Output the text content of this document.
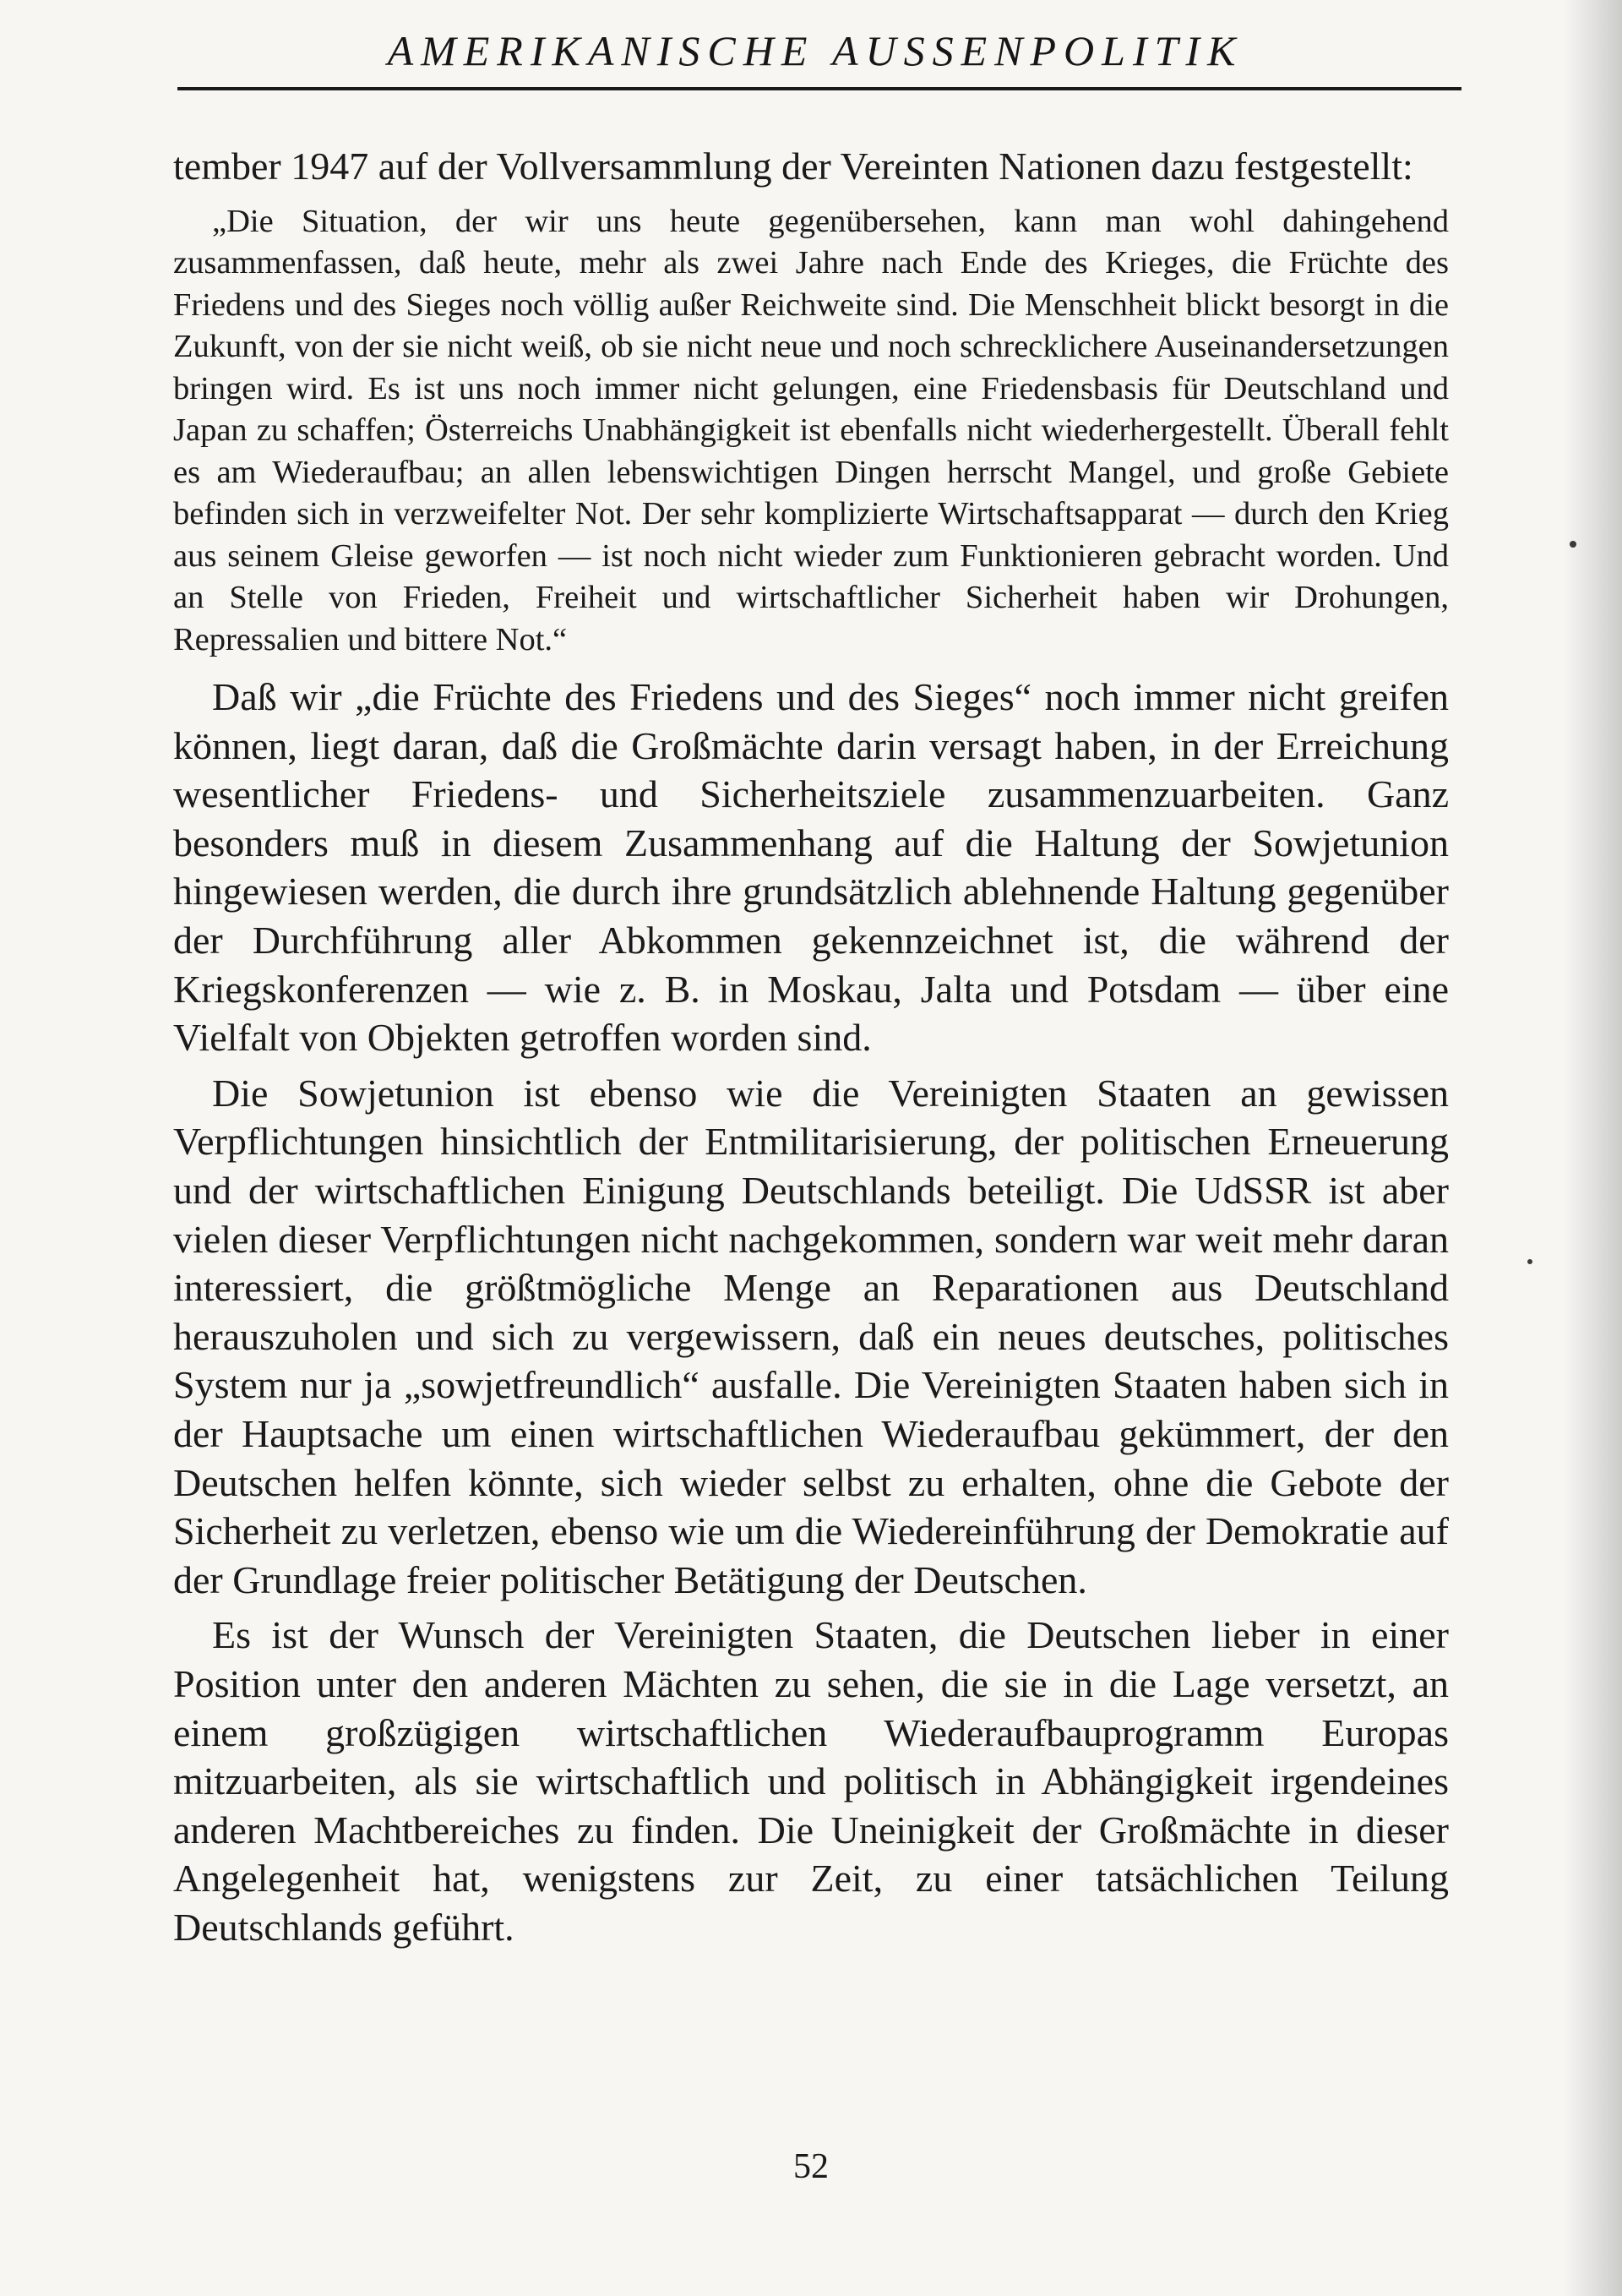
AMERIKANISCHE AUSSENPOLITIK

tember 1947 auf der Vollversammlung der Vereinten Nationen dazu festgestellt:

„Die Situation, der wir uns heute gegenübersehen, kann man wohl dahingehend zusammenfassen, daß heute, mehr als zwei Jahre nach Ende des Krieges, die Früchte des Friedens und des Sieges noch völlig außer Reichweite sind. Die Menschheit blickt besorgt in die Zukunft, von der sie nicht weiß, ob sie nicht neue und noch schrecklichere Auseinandersetzungen bringen wird. Es ist uns noch immer nicht gelungen, eine Friedensbasis für Deutschland und Japan zu schaffen; Österreichs Unabhängigkeit ist ebenfalls nicht wiederhergestellt. Überall fehlt es am Wiederaufbau; an allen lebenswichtigen Dingen herrscht Mangel, und große Gebiete befinden sich in verzweifelter Not. Der sehr komplizierte Wirtschaftsapparat — durch den Krieg aus seinem Gleise geworfen — ist noch nicht wieder zum Funktionieren gebracht worden. Und an Stelle von Frieden, Freiheit und wirtschaftlicher Sicherheit haben wir Drohungen, Repressalien und bittere Not.“

Daß wir „die Früchte des Friedens und des Sieges“ noch immer nicht greifen können, liegt daran, daß die Großmächte darin versagt haben, in der Erreichung wesentlicher Friedens- und Sicherheitsziele zusammenzuarbeiten. Ganz besonders muß in diesem Zusammenhang auf die Haltung der Sowjetunion hingewiesen werden, die durch ihre grundsätzlich ablehnende Haltung gegenüber der Durchführung aller Abkommen gekennzeichnet ist, die während der Kriegskonferenzen — wie z. B. in Moskau, Jalta und Potsdam — über eine Vielfalt von Objekten getroffen worden sind.

Die Sowjetunion ist ebenso wie die Vereinigten Staaten an gewissen Verpflichtungen hinsichtlich der Entmilitarisierung, der politischen Erneuerung und der wirtschaftlichen Einigung Deutschlands beteiligt. Die UdSSR ist aber vielen dieser Verpflichtungen nicht nachgekommen, sondern war weit mehr daran interessiert, die größtmögliche Menge an Reparationen aus Deutschland herauszuholen und sich zu vergewissern, daß ein neues deutsches, politisches System nur ja „sowjetfreundlich“ ausfalle. Die Vereinigten Staaten haben sich in der Hauptsache um einen wirtschaftlichen Wiederaufbau gekümmert, der den Deutschen helfen könnte, sich wieder selbst zu erhalten, ohne die Gebote der Sicherheit zu verletzen, ebenso wie um die Wiedereinführung der Demokratie auf der Grundlage freier politischer Betätigung der Deutschen.

Es ist der Wunsch der Vereinigten Staaten, die Deutschen lieber in einer Position unter den anderen Mächten zu sehen, die sie in die Lage versetzt, an einem großzügigen wirtschaftlichen Wiederaufbauprogramm Europas mitzuarbeiten, als sie wirtschaftlich und politisch in Abhängigkeit irgendeines anderen Machtbereiches zu finden. Die Uneinigkeit der Großmächte in dieser Angelegenheit hat, wenigstens zur Zeit, zu einer tatsächlichen Teilung Deutschlands geführt.

52
